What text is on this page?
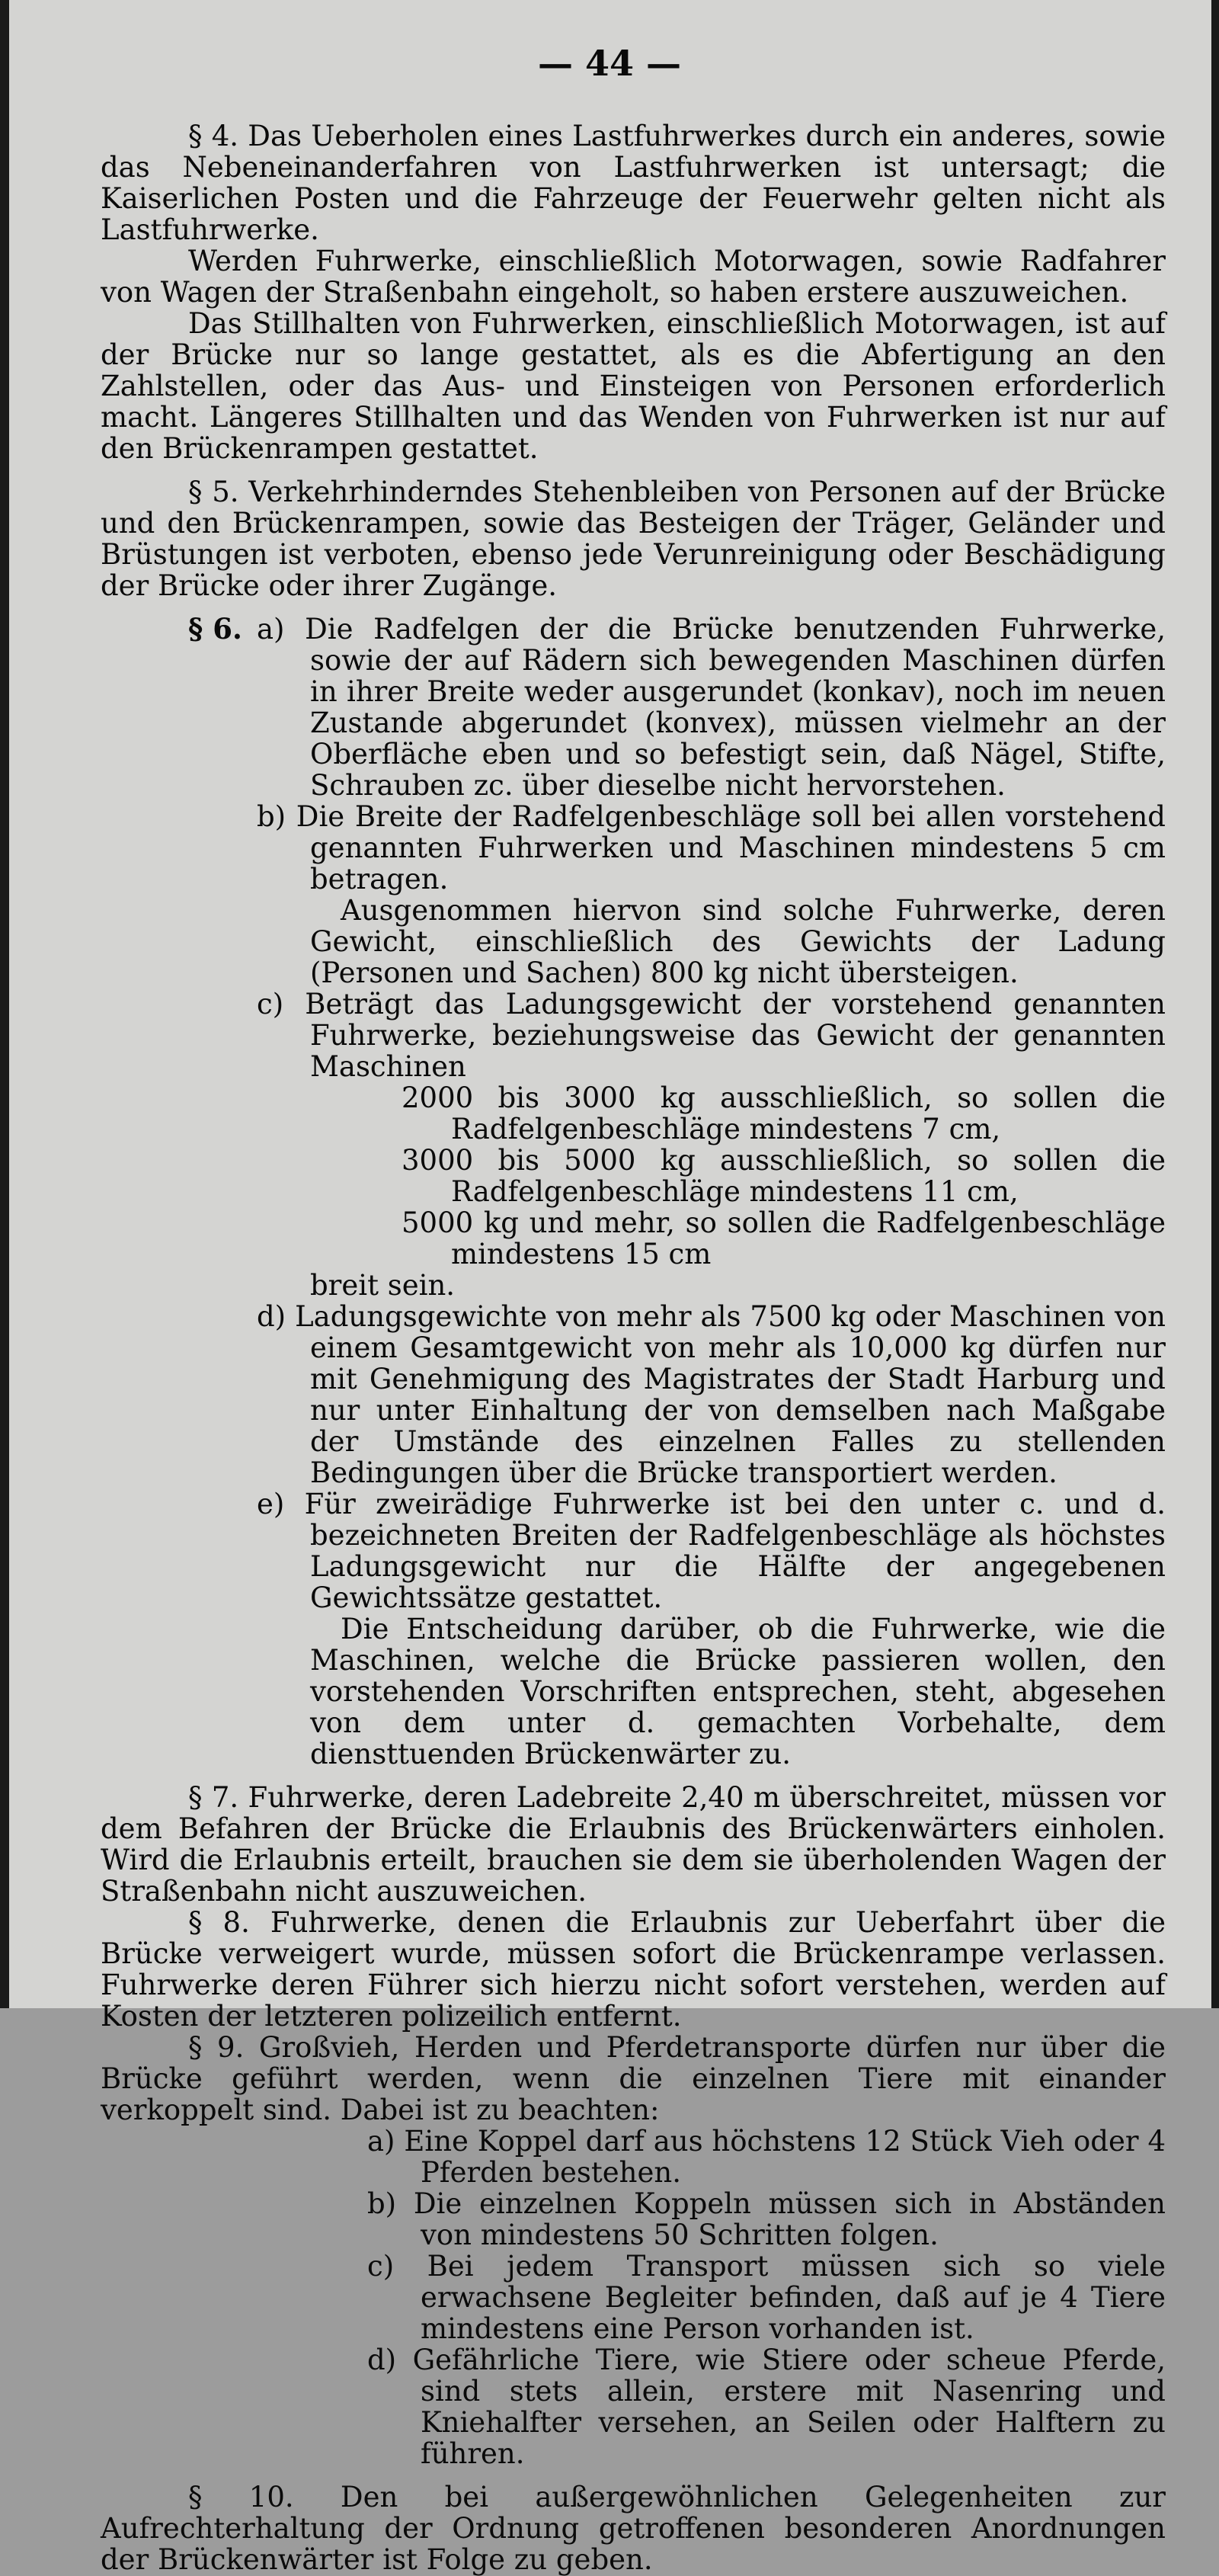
— 44 —

§ 4. Das Ueberholen eines Lastfuhrwerkes durch ein anderes, sowie das Nebeneinanderfahren von Lastfuhrwerken ist untersagt; die Kaiserlichen Posten und die Fahrzeuge der Feuerwehr gelten nicht als Lastfuhrwerke.

Werden Fuhrwerke, einschließlich Motorwagen, sowie Radfahrer von Wagen der Straßenbahn eingeholt, so haben erstere auszuweichen.

Das Stillhalten von Fuhrwerken, einschließlich Motorwagen, ist auf der Brücke nur so lange gestattet, als es die Abfertigung an den Zahlstellen, oder das Aus- und Einsteigen von Personen erforderlich macht. Längeres Stillhalten und das Wenden von Fuhrwerken ist nur auf den Brückenrampen gestattet.

§ 5. Verkehrhinderndes Stehenbleiben von Personen auf der Brücke und den Brückenrampen, sowie das Besteigen der Träger, Geländer und Brüstungen ist verboten, ebenso jede Verunreinigung oder Beschädigung der Brücke oder ihrer Zugänge.

§ 6. a) Die Radfelgen der die Brücke benutzenden Fuhrwerke, sowie der auf Rädern sich bewegenden Maschinen dürfen in ihrer Breite weder ausgerundet (konkav), noch im neuen Zustande abgerundet (konvex), müssen vielmehr an der Oberfläche eben und so befestigt sein, daß Nägel, Stifte, Schrauben zc. über dieselbe nicht hervorstehen.

b) Die Breite der Radfelgenbeschläge soll bei allen vorstehend genannten Fuhrwerken und Maschinen mindestens 5 cm betragen.

Ausgenommen hiervon sind solche Fuhrwerke, deren Gewicht, einschließlich des Gewichts der Ladung (Personen und Sachen) 800 kg nicht übersteigen.

c) Beträgt das Ladungsgewicht der vorstehend genannten Fuhrwerke, beziehungsweise das Gewicht der genannten Maschinen

2000 bis 3000 kg ausschließlich, so sollen die Radfelgenbeschläge mindestens 7 cm,

3000 bis 5000 kg ausschließlich, so sollen die Radfelgenbeschläge mindestens 11 cm,

5000 kg und mehr, so sollen die Radfelgenbeschläge mindestens 15 cm

breit sein.

d) Ladungsgewichte von mehr als 7500 kg oder Maschinen von einem Gesamtgewicht von mehr als 10,000 kg dürfen nur mit Genehmigung des Magistrates der Stadt Harburg und nur unter Einhaltung der von demselben nach Maßgabe der Umstände des einzelnen Falles zu stellenden Bedingungen über die Brücke transportiert werden.

e) Für zweirädige Fuhrwerke ist bei den unter c. und d. bezeichneten Breiten der Radfelgenbeschläge als höchstes Ladungsgewicht nur die Hälfte der angegebenen Gewichtssätze gestattet.

Die Entscheidung darüber, ob die Fuhrwerke, wie die Maschinen, welche die Brücke passieren wollen, den vorstehenden Vorschriften entsprechen, steht, abgesehen von dem unter d. gemachten Vorbehalte, dem diensttuenden Brückenwärter zu.

§ 7. Fuhrwerke, deren Ladebreite 2,40 m überschreitet, müssen vor dem Befahren der Brücke die Erlaubnis des Brückenwärters einholen. Wird die Erlaubnis erteilt, brauchen sie dem sie überholenden Wagen der Straßenbahn nicht auszuweichen.

§ 8. Fuhrwerke, denen die Erlaubnis zur Ueberfahrt über die Brücke verweigert wurde, müssen sofort die Brückenrampe verlassen. Fuhrwerke deren Führer sich hierzu nicht sofort verstehen, werden auf Kosten der letzteren polizeilich entfernt.

§ 9. Großvieh, Herden und Pferdetransporte dürfen nur über die Brücke geführt werden, wenn die einzelnen Tiere mit einander verkoppelt sind. Dabei ist zu beachten:

a) Eine Koppel darf aus höchstens 12 Stück Vieh oder 4 Pferden bestehen.

b) Die einzelnen Koppeln müssen sich in Abständen von mindestens 50 Schritten folgen.

c) Bei jedem Transport müssen sich so viele erwachsene Begleiter befinden, daß auf je 4 Tiere mindestens eine Person vorhanden ist.

d) Gefährliche Tiere, wie Stiere oder scheue Pferde, sind stets allein, erstere mit Nasenring und Kniehalfter versehen, an Seilen oder Halftern zu führen.

§ 10. Den bei außergewöhnlichen Gelegenheiten zur Aufrechterhaltung der Ordnung getroffenen besonderen Anordnungen der Brückenwärter ist Folge zu geben.
